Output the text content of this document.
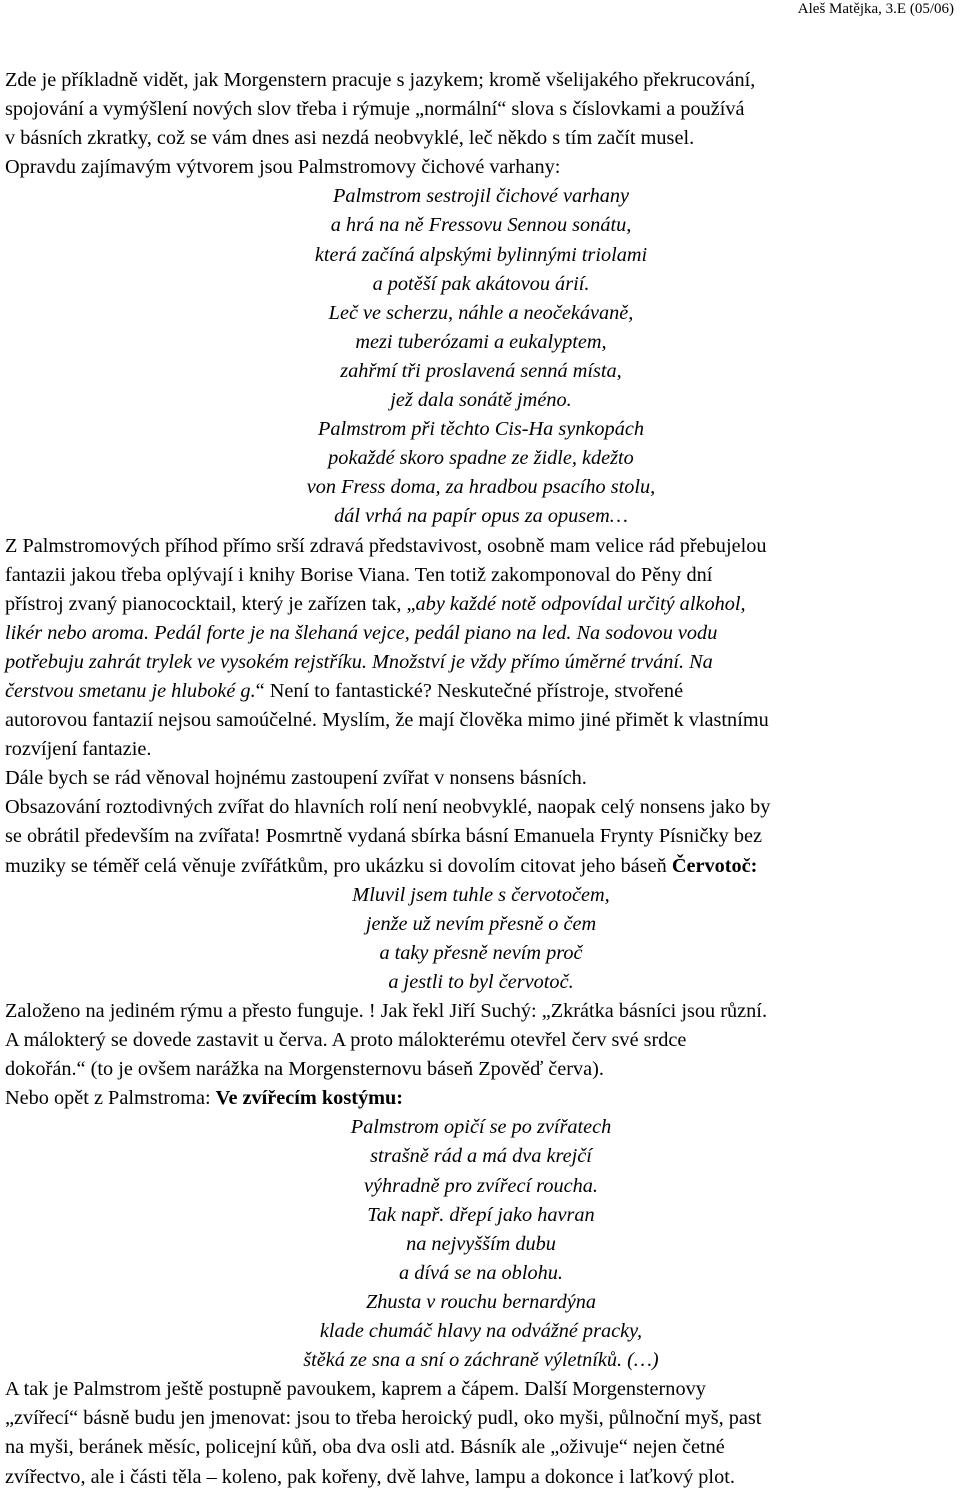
Aleš Matějka, 3.E (05/06)
Zde je příkladně vidět, jak Morgenstern pracuje s jazykem; kromě všelijakého překrucování,
spojování a vymýšlení nových slov třeba i rýmuje „normální“ slova s číslovkami a používá
v básních zkratky, což se vám dnes asi nezdá neobvyklé, leč někdo s tím začít musel.
Opravdu zajímavým výtvorem jsou Palmstromovy čichové varhany:
Palmstrom sestrojil čichové varhany
a hrá na ně Fressovu Sennou sonátu,
která začíná alpskými bylinnými triolami
a potěší pak akátovou árií.
Leč ve scherzu, náhle a neočekávaně,
mezi tuberózami a eukalyptem,
zahřmí tři proslavená senná místa,
jež dala sonátě jméno.
Palmstrom při těchto Cis-Ha synkopách
pokaždé skoro spadne ze židle, kdežto
von Fress doma, za hradbou psacího stolu,
dál vrhá na papír opus za opusem…
Z Palmstromových příhod přímo srší zdravá představivost, osobně mam velice rád přebujelou
fantazii jakou třeba oplývají i knihy Borise Viana. Ten totiž zakomponoval do Pěny dní
přístroj zvaný pianococktail, který je zařízen tak, „aby každé notě odpovídal určitý alkohol,
likér nebo aroma. Pedál forte je na šlehaná vejce, pedál piano na led. Na sodovou vodu
potřebuju zahrát trylek ve vysokém rejstříku. Množství je vždy přímo úměrné trvání. Na
čerstvou smetanu je hluboké g.“ Není to fantastické? Neskutečné přístroje, stvořené
autorovou fantazií nejsou samoúčelné. Myslím, že mají člověka mimo jiné přimět k vlastnímu
rozvíjení fantazie.
Dále bych se rád věnoval hojnému zastoupení zvířat v nonsens básních.
Obsazování roztodivných zvířat do hlavních rolí není neobvyklé, naopak celý nonsens jako by
se obrátil především na zvířata! Posmrtně vydaná sbírka básní Emanuela Frynty Písničky bez
muziky se téměř celá věnuje zvířátkům, pro ukázku si dovolím citovat jeho báseň Červotoč:
Mluvil jsem tuhle s červotočem,
jenže už nevím přesně o čem
a taky přesně nevím proč
a jestli to byl červotoč.
Založeno na jediném rýmu a přesto funguje. ! Jak řekl Jiří Suchý: „Zkrátka básníci jsou různí.
A málokterý se dovede zastavit u červa. A proto málokterému otevřel červ své srdce
dokořán.“ (to je ovšem narážka na Morgensternovu báseň Zpověď červa).
Nebo opět z Palmstroma: Ve zvířecím kostýmu:
Palmstrom opičí se po zvířatech
strašně rád a má dva krejčí
výhradně pro zvířecí roucha.
Tak např. dřepí jako havran
na nejvyšším dubu
a dívá se na oblohu.
Zhusta v rouchu bernardýna
klade chumáč hlavy na odvážné pracky,
štěká ze sna a sní o záchraně výletníků. (…)
A tak je Palmstrom ještě postupně pavoukem, kaprem a čápem. Další Morgensternovy
„zvířecí“ básně budu jen jmenovat: jsou to třeba heroický pudl, oko myši, půlnoční myš, past
na myši, beránek měsíc, policejní kůň, oba dva osli atd. Básník ale „oživuje“ nejen četné
zvířectvo, ale i části těla – koleno, pak kořeny, dvě lahve, lampu a dokonce i laťkový plot.
